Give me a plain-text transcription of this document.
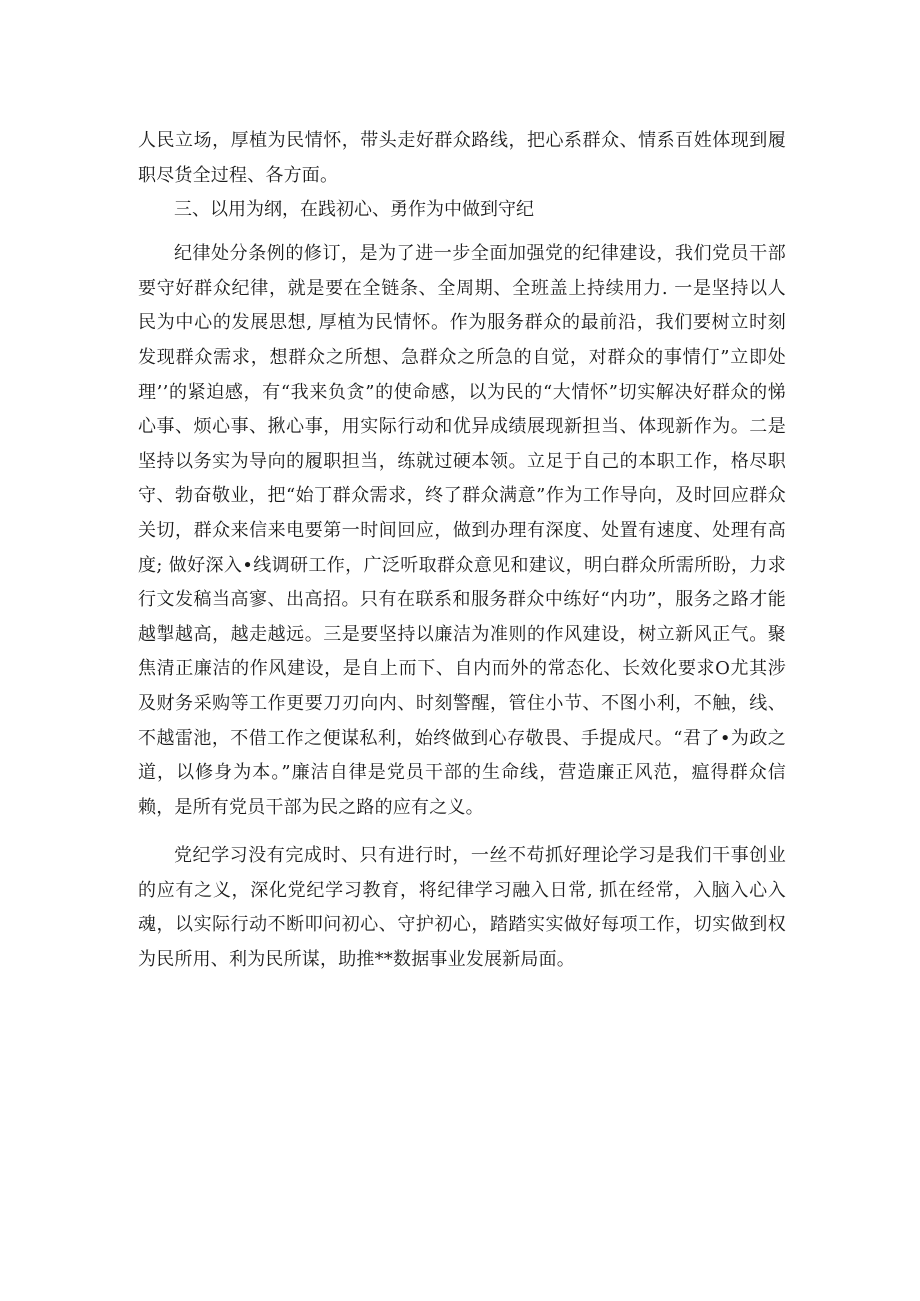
人民立场，厚植为民情怀，带头走好群众路线，把心系群众、情系百姓体现到履职尽货全过程、各方面。

三、以用为纲，在践初心、勇作为中做到守纪

纪律处分条例的修订，是为了进一步全面加强党的纪律建设，我们党员干部要守好群众纪律，就是要在全链条、全周期、全班盖上持续用力. 一是坚持以人民为中心的发展思想, 厚植为民情怀。作为服务群众的最前沿，我们要树立时刻发现群众需求，想群众之所想、急群众之所急的自觉，对群众的事情仃”立即处理’’的紧迫感，有“我来负贪”的使命感，以为民的“大情怀”切实解决好群众的悌心事、烦心事、揪心事，用实际行动和优异成绩展现新担当、体现新作为。二是坚持以务实为导向的履职担当，练就过硬本领。立足于自己的本职工作，格尽职守、勃奋敬业，把“始丁群众需求，终了群众满意”作为工作导向，及时回应群众关切，群众来信来电要第一时间回应，做到办理有深度、处置有速度、处理有高度; 做好深入•线调研工作，广泛听取群众意见和建议，明白群众所需所盼，力求行文发稿当高寥、出高招。只有在联系和服务群众中练好“内功”，服务之路才能越掣越高，越走越远。三是要坚持以廉洁为准则的作风建设，树立新风正气。聚焦清正廉洁的作风建设，是自上而下、自内而外的常态化、长效化要求O尤其涉及财务采购等工作更要刀刃向内、时刻警醒，管住小节、不图小利，不触，线、不越雷池，不借工作之便谋私利，始终做到心存敬畏、手提成尺。“君了•为政之道，以修身为本。”廉洁自律是党员干部的生命线，营造廉正风范，瘟得群众信赖，是所有党员干部为民之路的应有之义。

党纪学习没有完成时、只有进行时，一丝不苟抓好理论学习是我们干事创业的应有之义，深化党纪学习教育，将纪律学习融入日常, 抓在经常，入脑入心入魂，以实际行动不断叩问初心、守护初心，踏踏实实做好每项工作，切实做到权为民所用、利为民所谋，助推**数据事业发展新局面。
